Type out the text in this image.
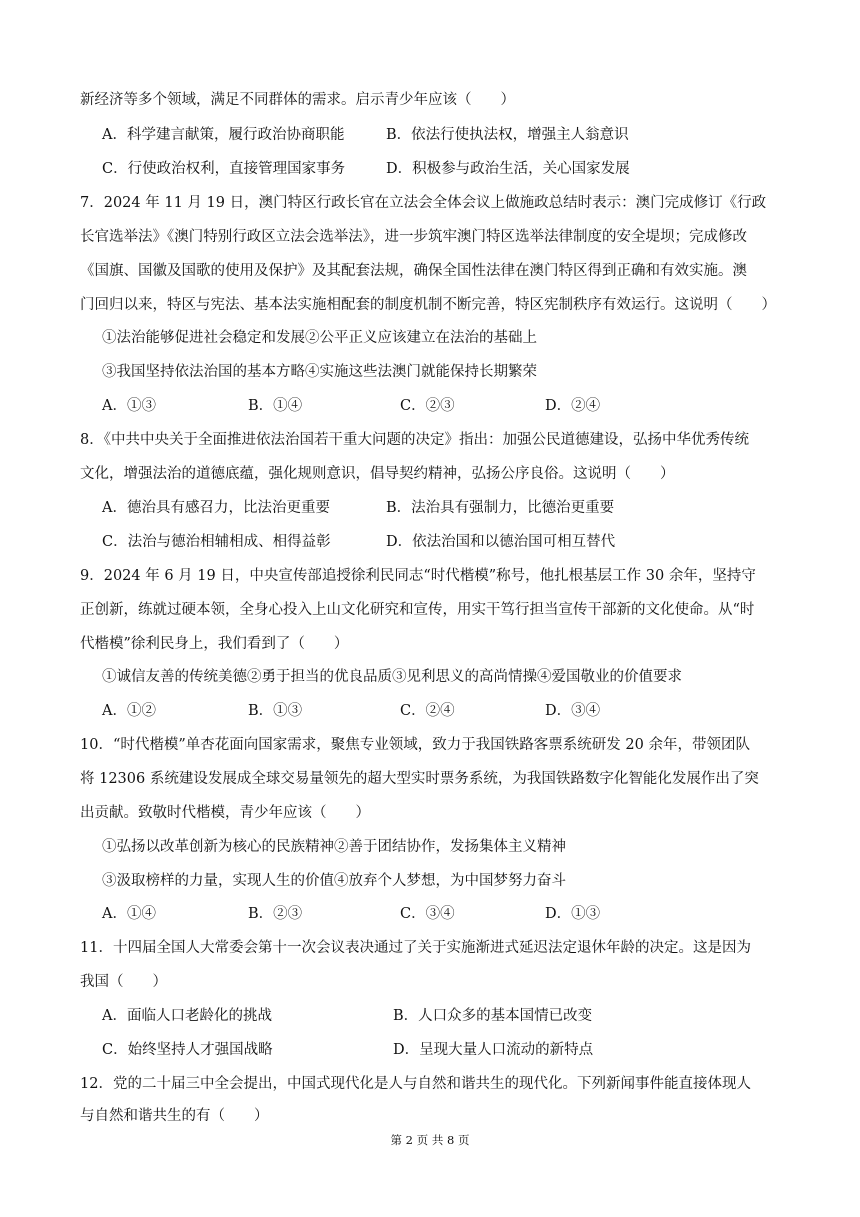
新经济等多个领域，满足不同群体的需求。启示青少年应该（　　）
A．科学建言献策，履行政治协商职能	B．依法行使执法权，增强主人翁意识
C．行使政治权利，直接管理国家事务	D．积极参与政治生活，关心国家发展
7．2024 年 11 月 19 日，澳门特区行政长官在立法会全体会议上做施政总结时表示：澳门完成修订《行政
长官选举法》《澳门特别行政区立法会选举法》，进一步筑牢澳门特区选举法律制度的安全堤坝；完成修改
《国旗、国徽及国歌的使用及保护》及其配套法规，确保全国性法律在澳门特区得到正确和有效实施。澳
门回归以来，特区与宪法、基本法实施相配套的制度机制不断完善，特区宪制秩序有效运行。这说明（　　）
①法治能够促进社会稳定和发展②公平正义应该建立在法治的基础上
③我国坚持依法治国的基本方略④实施这些法澳门就能保持长期繁荣
A．①③	B．①④	C．②③	D．②④
8．《中共中央关于全面推进依法治国若干重大问题的决定》指出：加强公民道德建设，弘扬中华优秀传统
文化，增强法治的道德底蕴，强化规则意识，倡导契约精神，弘扬公序良俗。这说明（　　）
A．德治具有感召力，比法治更重要	B．法治具有强制力，比德治更重要
C．法治与德治相辅相成、相得益彰	D．依法治国和以德治国可相互替代
9．2024 年 6 月 19 日，中央宣传部追授徐利民同志“时代楷模”称号，他扎根基层工作 30 余年，坚持守
正创新，练就过硬本领，全身心投入上山文化研究和宣传，用实干笃行担当宣传干部新的文化使命。从“时
代楷模”徐利民身上，我们看到了（　　）
①诚信友善的传统美德②勇于担当的优良品质③见利思义的高尚情操④爱国敬业的价值要求
A．①②	B．①③	C．②④	D．③④
10．“时代楷模”单杏花面向国家需求，聚焦专业领域，致力于我国铁路客票系统研发 20 余年，带领团队
将 12306 系统建设发展成全球交易量领先的超大型实时票务系统，为我国铁路数字化智能化发展作出了突
出贡献。致敬时代楷模，青少年应该（　　）
①弘扬以改革创新为核心的民族精神②善于团结协作，发扬集体主义精神
③汲取榜样的力量，实现人生的价值④放弃个人梦想，为中国梦努力奋斗
A．①④	B．②③	C．③④	D．①③
11．十四届全国人大常委会第十一次会议表决通过了关于实施渐进式延迟法定退休年龄的决定。这是因为
我国（　　）
A．面临人口老龄化的挑战	B．人口众多的基本国情已改变
C．始终坚持人才强国战略	D．呈现大量人口流动的新特点
12．党的二十届三中全会提出，中国式现代化是人与自然和谐共生的现代化。下列新闻事件能直接体现人
与自然和谐共生的有（　　）
第 2 页 共 8 页
